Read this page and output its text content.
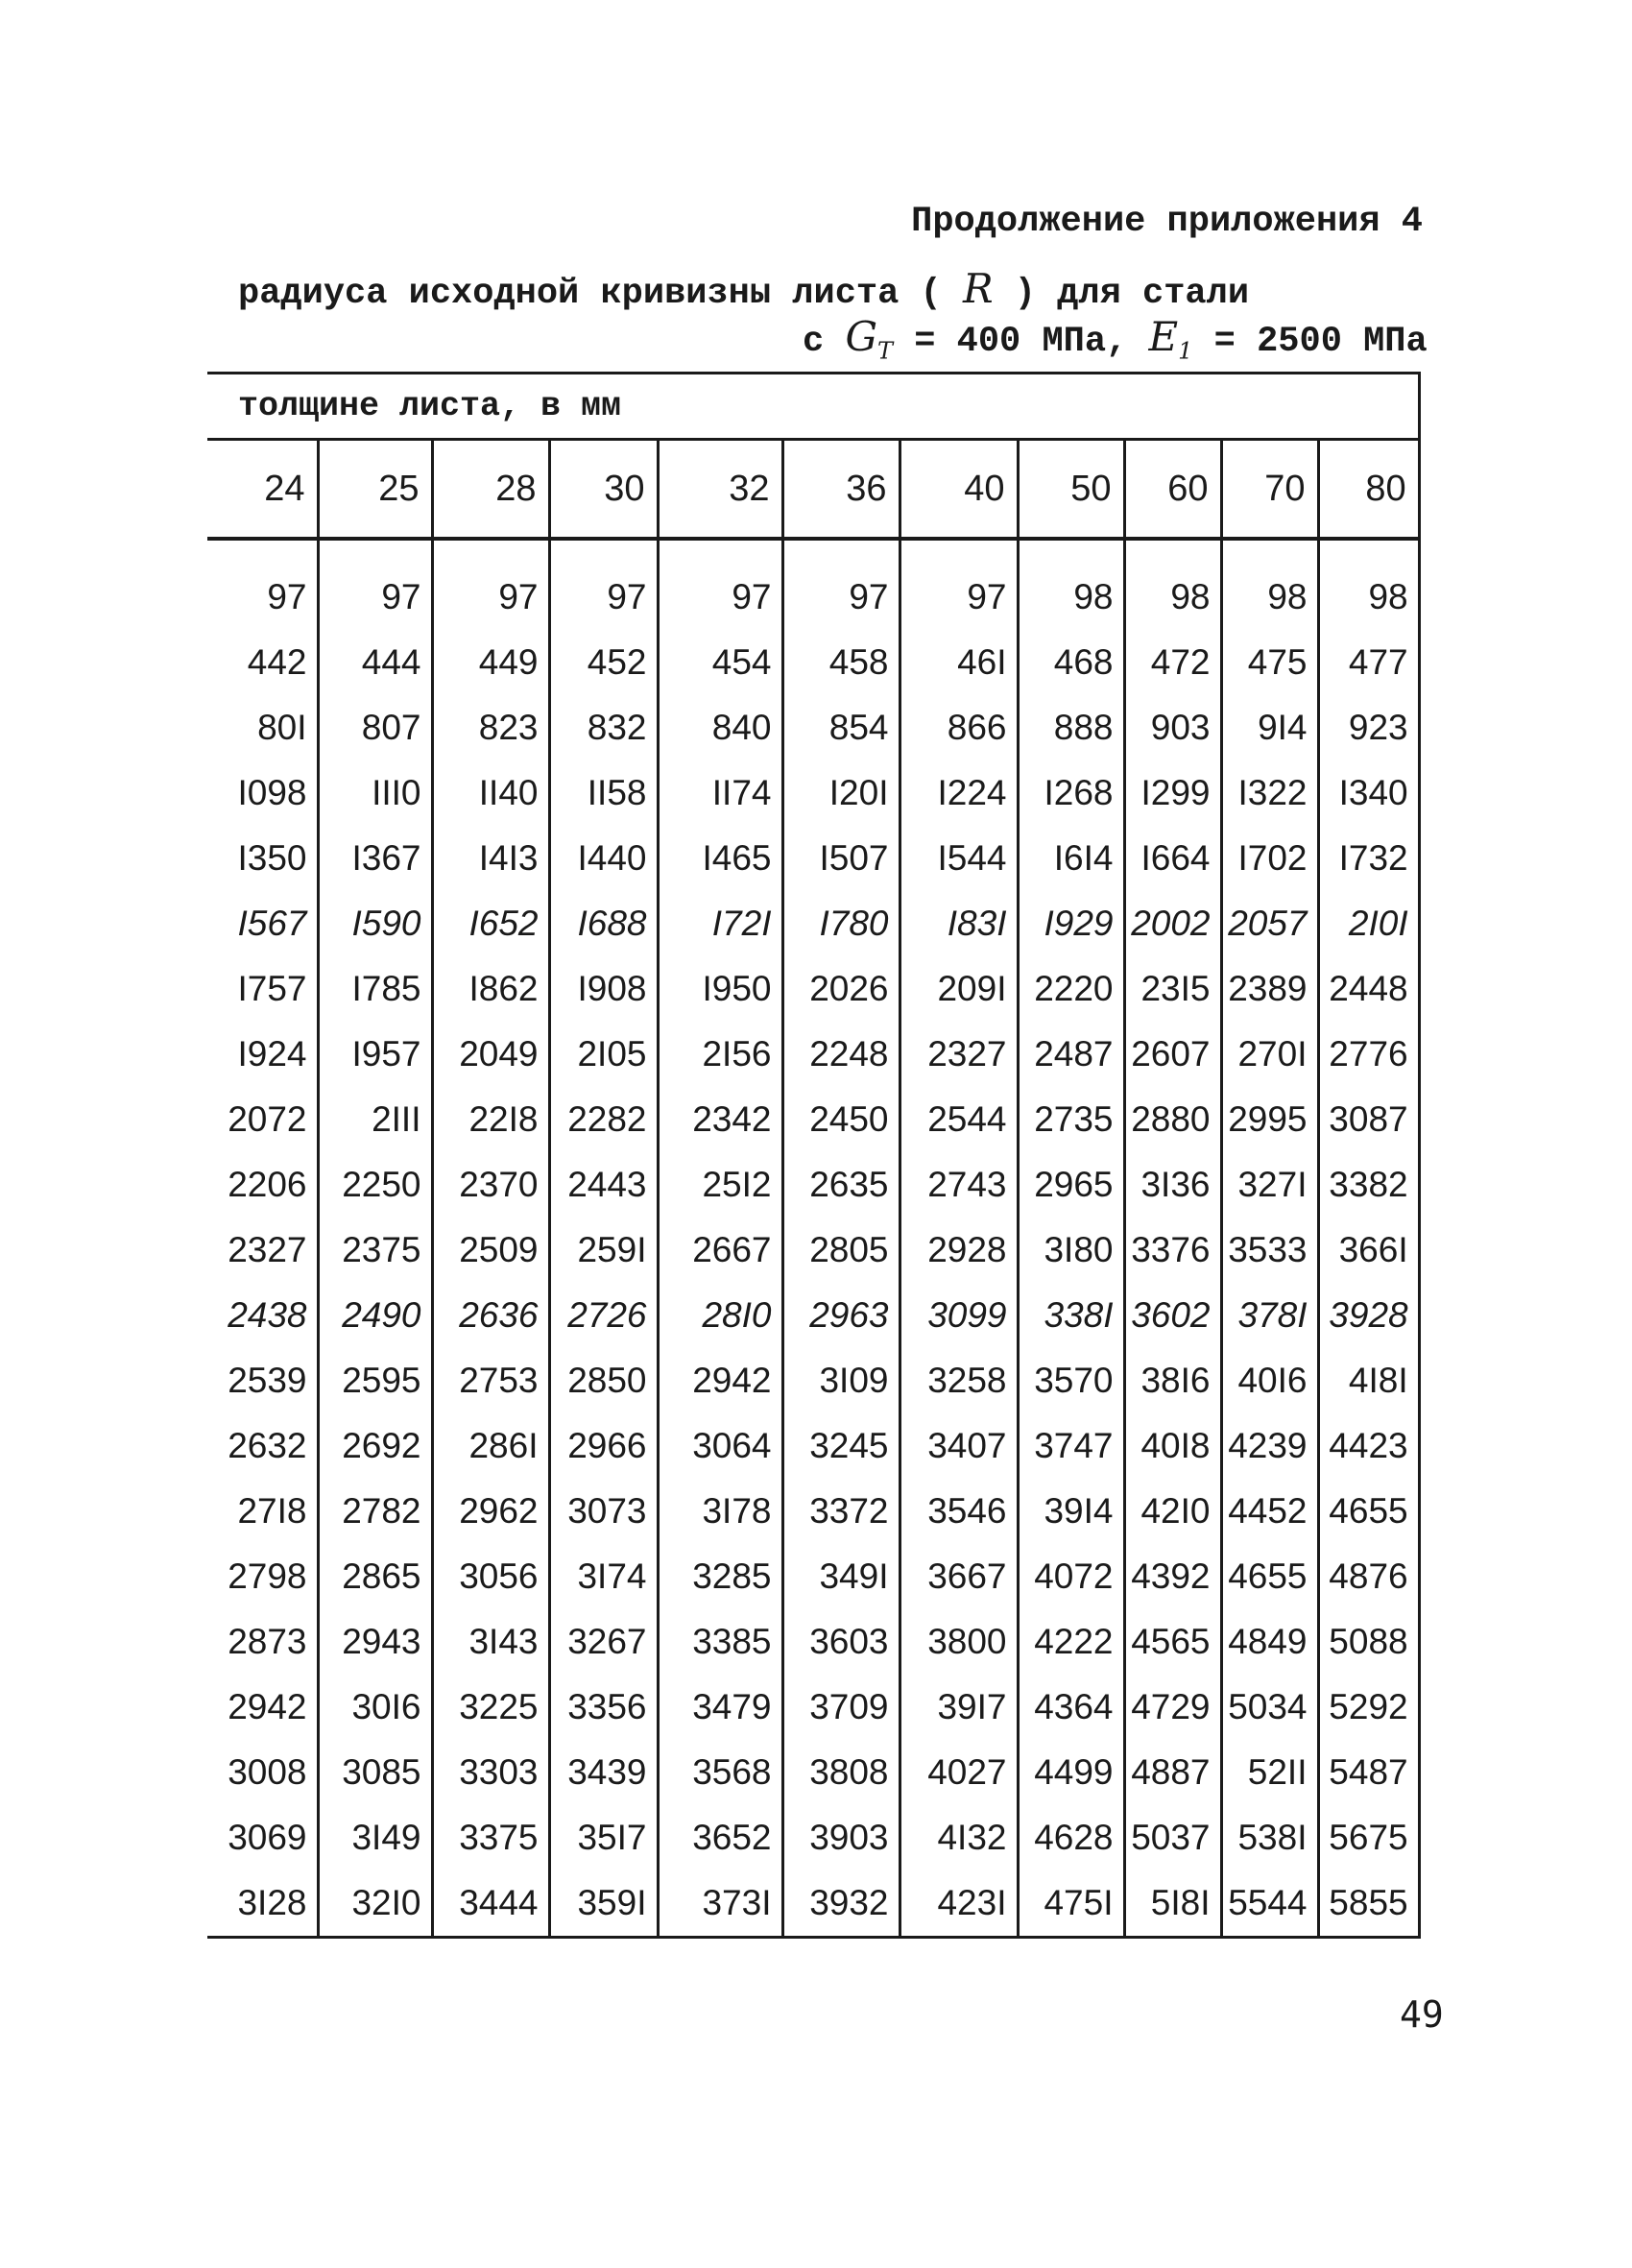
Продолжение приложения 4
радиуса исходной кривизны листа ( R ) для стали
с $G_T = 400$ МПа, $E_1 = 2500$ МПа
толщине листа, в мм										
24	25	28	30	32	36	40	50	60	70	80
97	97	97	97	97	97	97	98	98	98	98
442	444	449	452	454	458	46I	468	472	475	477
80I	807	823	832	840	854	866	888	903	9I4	923
I098	III0	II40	II58	II74	I20I	I224	I268	I299	I322	I340
I350	I367	I4I3	I440	I465	I507	I544	I6I4	I664	I702	I732
I567	I590	I652	I688	I72I	I780	I83I	I929	2002	2057	2I0I
I757	I785	I862	I908	I950	2026	209I	2220	23I5	2389	2448
I924	I957	2049	2I05	2I56	2248	2327	2487	2607	270I	2776
2072	2III	22I8	2282	2342	2450	2544	2735	2880	2995	3087
2206	2250	2370	2443	25I2	2635	2743	2965	3I36	327I	3382
2327	2375	2509	259I	2667	2805	2928	3I80	3376	3533	366I
2438	2490	2636	2726	28I0	2963	3099	338I	3602	378I	3928
2539	2595	2753	2850	2942	3I09	3258	3570	38I6	40I6	4I8I
2632	2692	286I	2966	3064	3245	3407	3747	40I8	4239	4423
27I8	2782	2962	3073	3I78	3372	3546	39I4	42I0	4452	4655
2798	2865	3056	3I74	3285	349I	3667	4072	4392	4655	4876
2873	2943	3I43	3267	3385	3603	3800	4222	4565	4849	5088
2942	30I6	3225	3356	3479	3709	39I7	4364	4729	5034	5292
3008	3085	3303	3439	3568	3808	4027	4499	4887	52II	5487
3069	3I49	3375	35I7	3652	3903	4I32	4628	5037	538I	5675
3I28	32I0	3444	359I	373I	3932	423I	475I	5I8I	5544	5855
49
